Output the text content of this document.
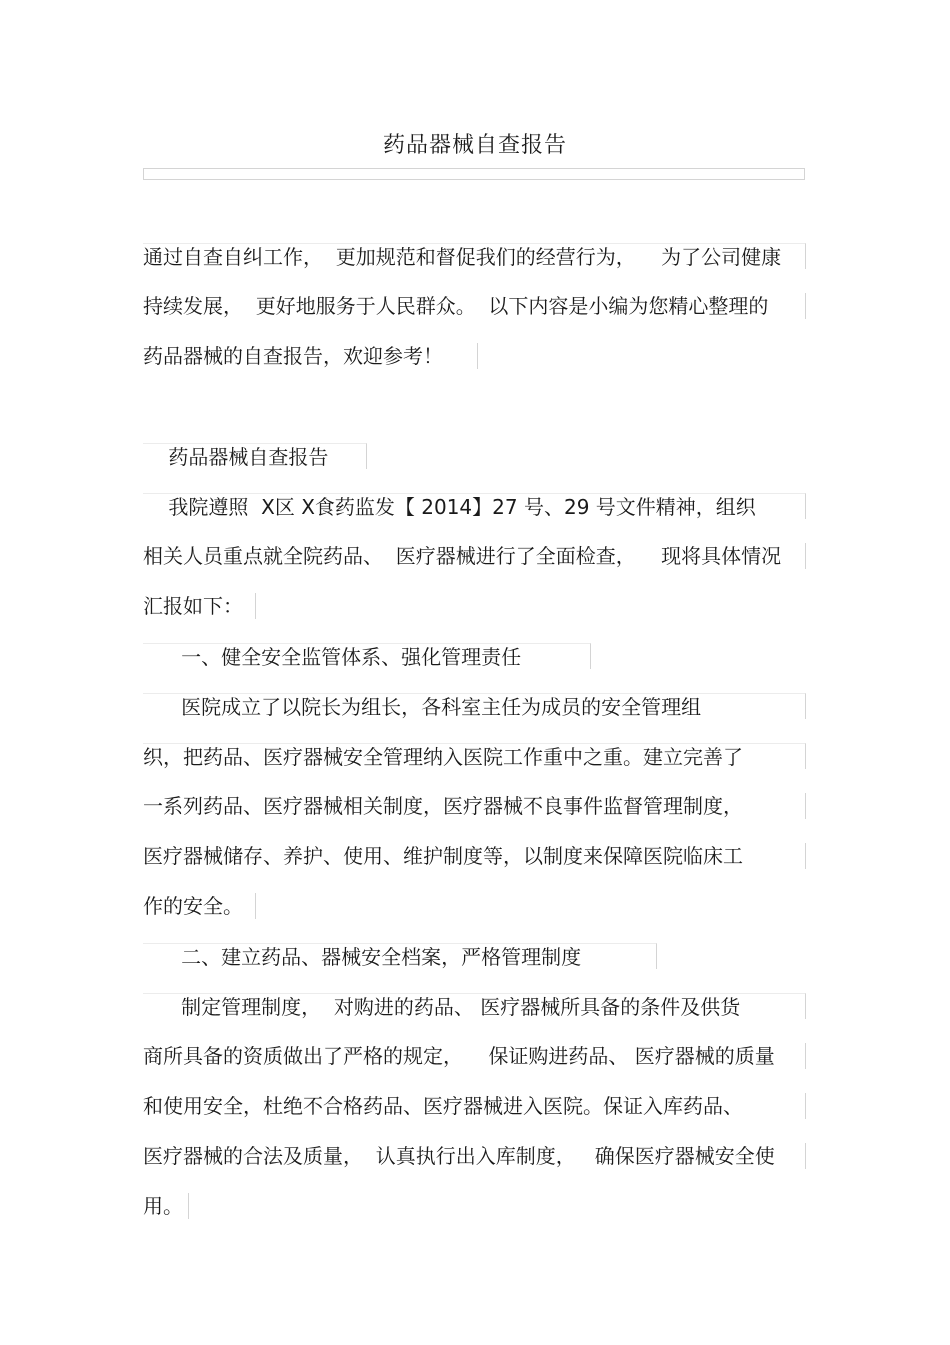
药品器械自查报告
通过自查自纠工作，  更加规范和督促我们的经营行为，    为了公司健康
持续发展，  更好地服务于人民群众。  以下内容是小编为您精心整理的
药品器械的自查报告，欢迎参考！
药品器械自查报告
我院遵照  X区 X食药监发【 2014】27 号、29 号文件精神，组织
相关人员重点就全院药品、  医疗器械进行了全面检查，    现将具体情况
汇报如下：
一、健全安全监管体系、强化管理责任
医院成立了以院长为组长，各科室主任为成员的安全管理组
织，把药品、医疗器械安全管理纳入医院工作重中之重。建立完善了
一系列药品、医疗器械相关制度，医疗器械不良事件监督管理制度，
医疗器械储存、养护、使用、维护制度等，以制度来保障医院临床工
作的安全。
二、建立药品、器械安全档案，严格管理制度
制定管理制度，  对购进的药品、 医疗器械所具备的条件及供货
商所具备的资质做出了严格的规定，    保证购进药品、 医疗器械的质量
和使用安全，杜绝不合格药品、医疗器械进入医院。保证入库药品、
医疗器械的合法及质量，  认真执行出入库制度，   确保医疗器械安全使
用。
